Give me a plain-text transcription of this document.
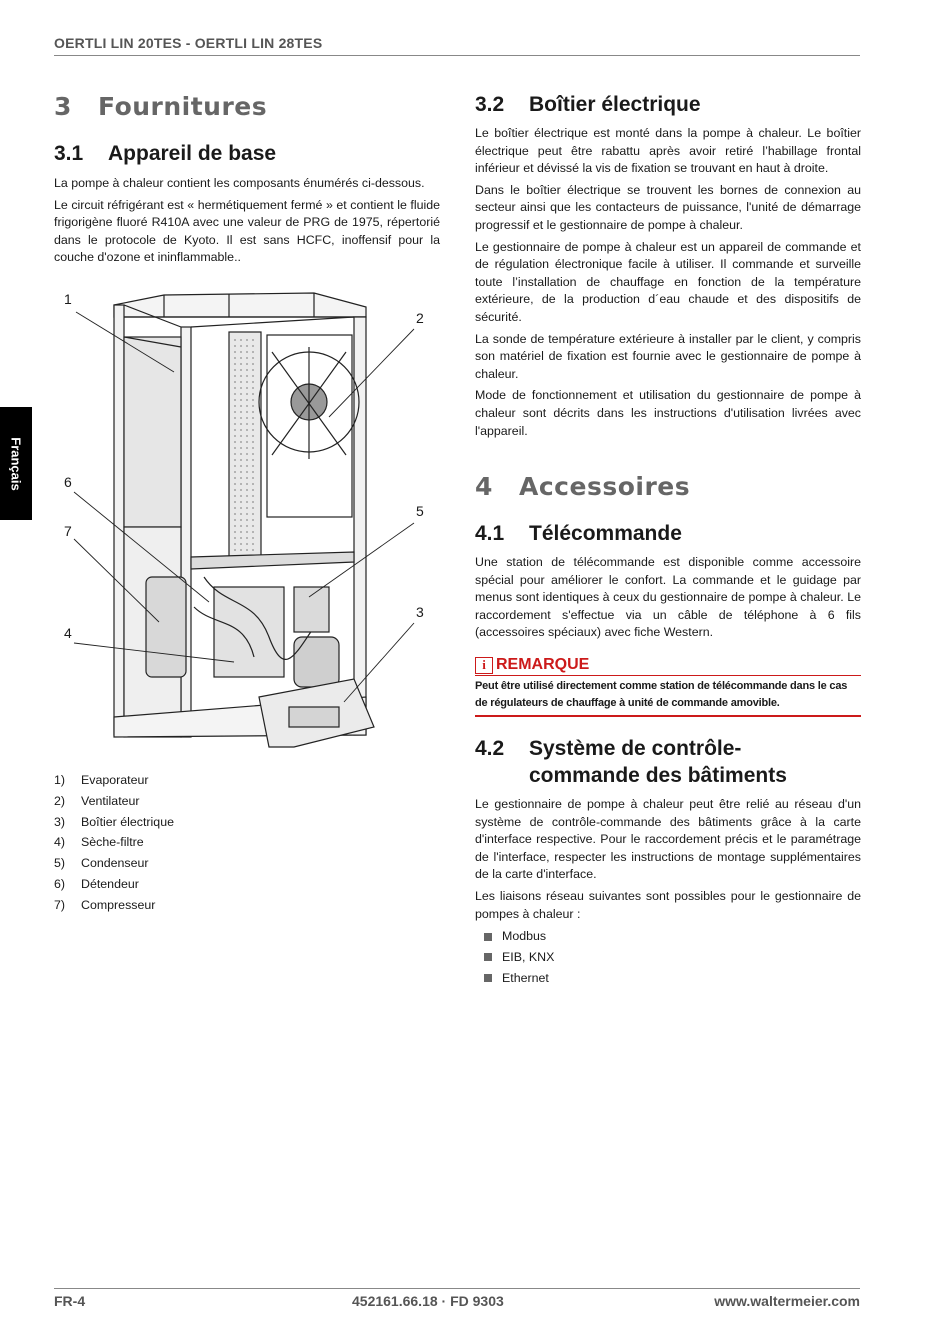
OERTLI LIN 20TES - OERTLI LIN 28TES
Français
3	Fournitures
3.1	Appareil de base

La pompe à chaleur contient les composants énumérés ci-dessous.

Le circuit réfrigérant est « hermétiquement fermé » et contient le fluide frigorigène fluoré R410A avec une valeur de PRG de 1975, répertorié dans le protocole de Kyoto. Il est sans HCFC, inoffensif pour la couche d'ozone et ininflammable..

1
2
6
5
7
3
4
1)	Evaporateur
2)	Ventilateur
3)	Boîtier électrique
4)	Sèche-filtre
5)	Condenseur
6)	Détendeur
7)	Compresseur
3.2	Boîtier électrique

Le boîtier électrique est monté dans la pompe à chaleur. Le boîtier électrique peut être rabattu après avoir retiré l’habillage frontal inférieur et dévissé la vis de fixation se trouvant en haut à droite.

Dans le boîtier électrique se trouvent les bornes de connexion au secteur ainsi que les contacteurs de puissance, l'unité de démarrage progressif et le gestionnaire de pompe à chaleur.

Le gestionnaire de pompe à chaleur est un appareil de commande et de régulation électronique facile à utiliser. Il commande et surveille toute l’installation de chauffage en fonction de la température extérieure, de la production d´eau chaude et des dispositifs de sécurité.

La sonde de température extérieure à installer par le client, y compris son matériel de fixation est fournie avec le gestionnaire de pompe à chaleur.

Mode de fonctionnement et utilisation du gestionnaire de pompe à chaleur sont décrits dans les instructions d'utilisation livrées avec l'appareil.

4	Accessoires
4.1	Télécommande

Une station de télécommande est disponible comme accessoire spécial pour améliorer le confort. La commande et le guidage par menus sont identiques à ceux du gestionnaire de pompe à chaleur. Le raccordement s'effectue via un câble de téléphone à 6 fils (accessoires spéciaux) avec fiche Western.

i REMARQUE
Peut être utilisé directement comme station de télécommande dans le cas de régulateurs de chauffage à unité de commande amovible.
4.2	Système de contrôle-
commande des bâtiments

Le gestionnaire de pompe à chaleur peut être relié au réseau d'un système de contrôle-commande des bâtiments grâce à la carte d'interface respective. Pour le raccordement précis et le paramétrage de l'interface, respecter les instructions de montage supplémentaires de la carte d'interface.

Les liaisons réseau suivantes sont possibles pour le gestionnaire de pompes à chaleur :

Modbus
EIB, KNX
Ethernet
FR-4	452161.66.18 · FD 9303	www.waltermeier.com
